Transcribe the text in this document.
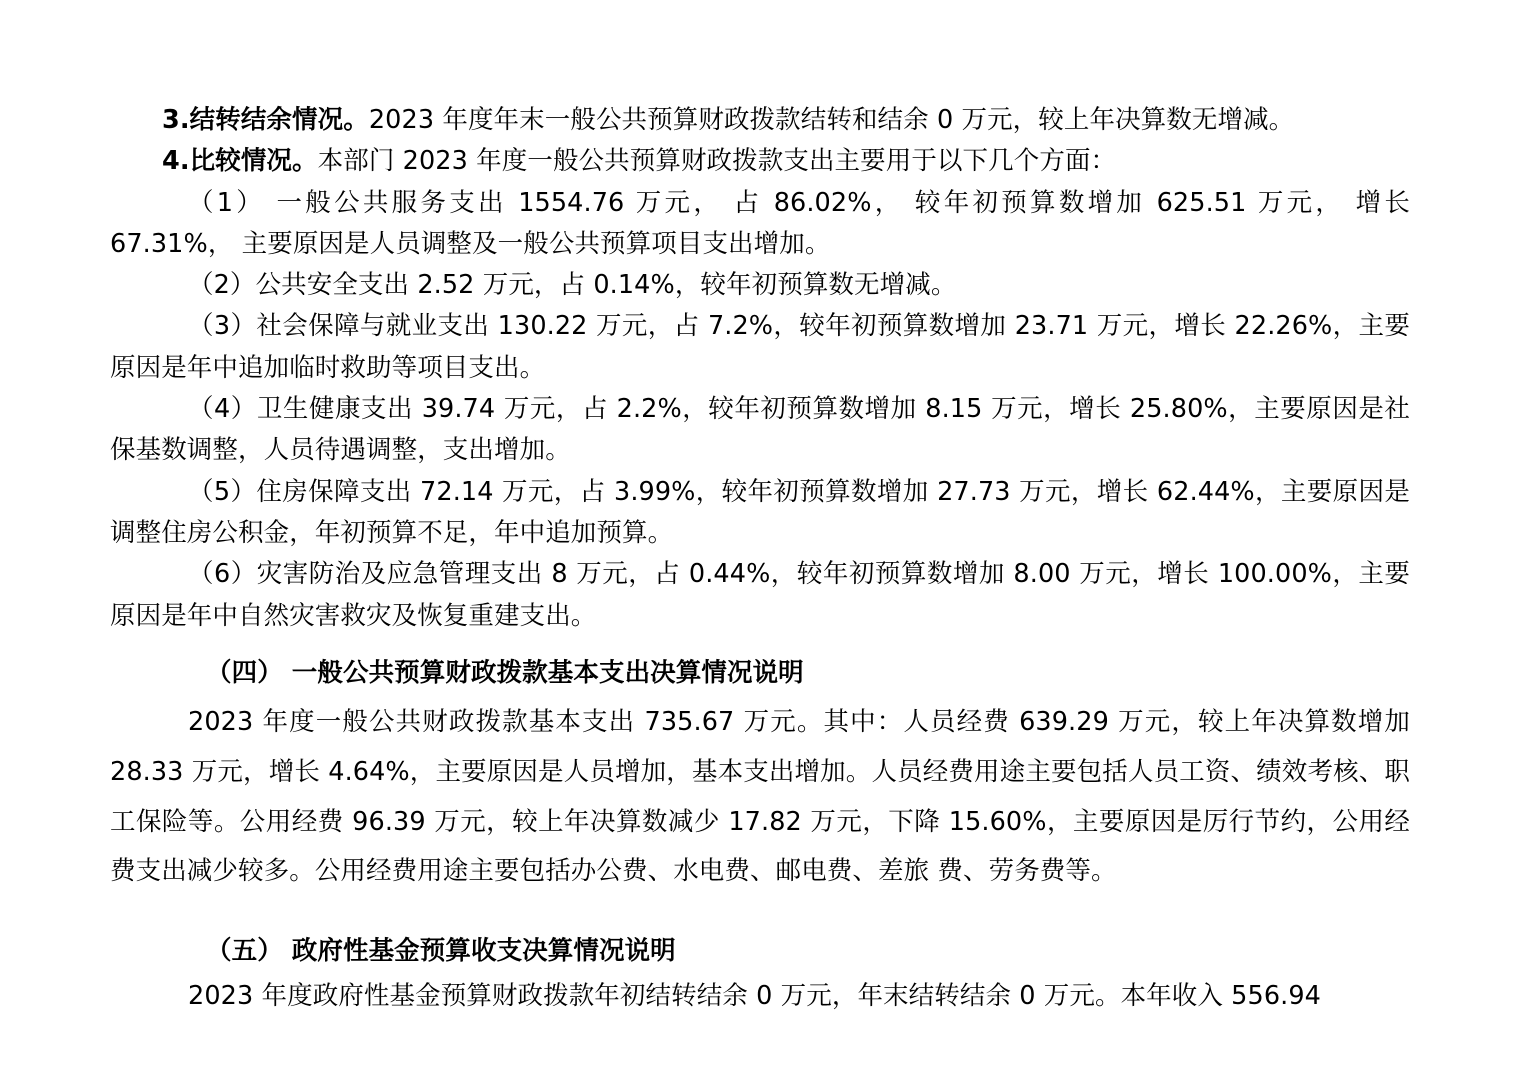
3.结转结余情况。2023 年度年末一般公共预算财政拨款结转和结余 0 万元，较上年决算数无增减。

4.比较情况。本部门 2023 年度一般公共预算财政拨款支出主要用于以下几个方面：

（1） 一般公共服务支出 1554.76 万元， 占 86.02%， 较年初预算数增加 625.51 万元， 增长 67.31%， 主要原因是人员调整及一般公共预算项目支出增加。

（2）公共安全支出 2.52 万元，占 0.14%，较年初预算数无增减。

（3）社会保障与就业支出 130.22 万元，占 7.2%，较年初预算数增加 23.71 万元，增长 22.26%，主要原因是年中追加临时救助等项目支出。

（4）卫生健康支出 39.74 万元，占 2.2%，较年初预算数增加 8.15 万元，增长 25.80%，主要原因是社保基数调整，人员待遇调整，支出增加。

（5）住房保障支出 72.14 万元，占 3.99%，较年初预算数增加 27.73 万元，增长 62.44%，主要原因是调整住房公积金，年初预算不足，年中追加预算。

（6）灾害防治及应急管理支出 8 万元，占 0.44%，较年初预算数增加 8.00 万元，增长 100.00%，主要原因是年中自然灾害救灾及恢复重建支出。

（四） 一般公共预算财政拨款基本支出决算情况说明

2023 年度一般公共财政拨款基本支出 735.67 万元。其中：人员经费 639.29 万元，较上年决算数增加 28.33 万元，增长 4.64%，主要原因是人员增加，基本支出增加。人员经费用途主要包括人员工资、绩效考核、职工保险等。公用经费 96.39 万元，较上年决算数减少 17.82 万元，下降 15.60%，主要原因是厉行节约，公用经费支出减少较多。公用经费用途主要包括办公费、水电费、邮电费、差旅 费、劳务费等。

（五） 政府性基金预算收支决算情况说明

2023 年度政府性基金预算财政拨款年初结转结余 0 万元，年末结转结余 0 万元。本年收入 556.94
